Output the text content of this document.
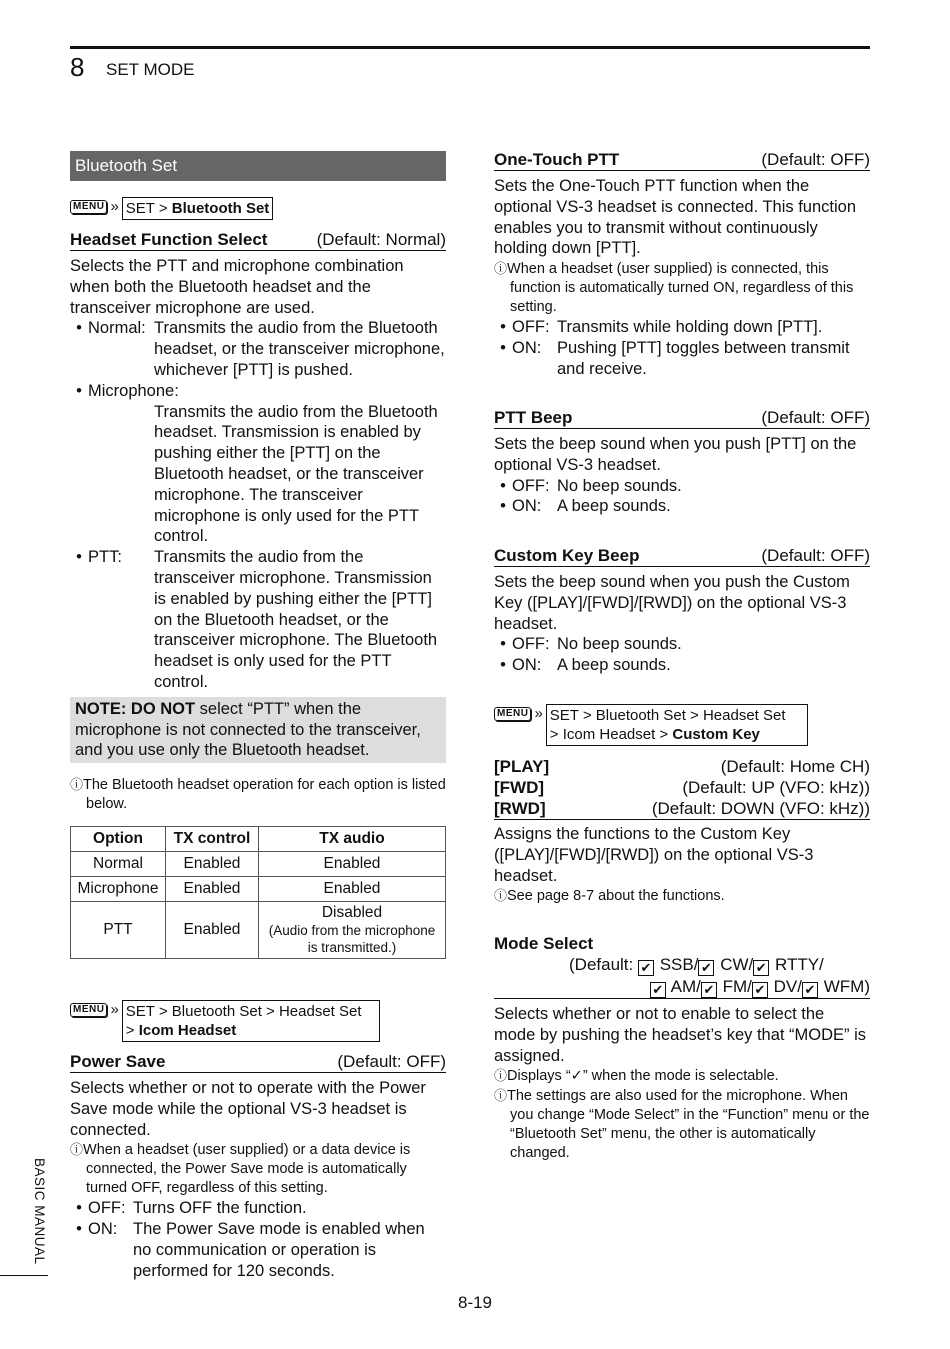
8 SET MODE
Bluetooth Set
MENU » SET > Bluetooth Set
Headset Function Select	(Default: Normal)

Selects the PTT and microphone combination when both the Bluetooth headset and the transceiver microphone are used.

• Normal: Transmits the audio from the Bluetooth headset, or the transceiver microphone, whichever [PTT] is pushed.
• Microphone:
Transmits the audio from the Bluetooth headset. Transmission is enabled by pushing either the [PTT] on the Bluetooth headset, or the transceiver microphone. The transceiver microphone is only used for the PTT control.
• PTT:	Transmits the audio from the transceiver microphone. Transmission is enabled by pushing either the [PTT] on the Bluetooth headset, or the transceiver microphone. The Bluetooth headset is only used for the PTT control.
NOTE: DO NOT select “PTT” when the microphone is not connected to the transceiver, and you use only the Bluetooth headset.
ⓘThe Bluetooth headset operation for each option is listed below.
Option	TX control	TX audio
Normal	Enabled	Enabled
Microphone	Enabled	Enabled
PTT	Enabled	Disabled
(Audio from the microphone is transmitted.)
MENU » SET > Bluetooth Set > Headset Set
> Icom Headset
Power Save	(Default: OFF)

Selects whether or not to operate with the Power Save mode while the optional VS-3 headset is connected.

ⓘWhen a headset (user supplied) or a data device is connected, the Power Save mode is automatically turned OFF, regardless of this setting.
• OFF: Turns OFF the function.
• ON: The Power Save mode is enabled when no communication or operation is performed for 120 seconds.
One-Touch PTT	(Default: OFF)

Sets the One-Touch PTT function when the optional VS-3 headset is connected. This function enables you to transmit without continuously holding down [PTT].

ⓘWhen a headset (user supplied) is connected, this function is automatically turned ON, regardless of this setting.
• OFF: Transmits while holding down [PTT].
• ON: Pushing [PTT] toggles between transmit and receive.
PTT Beep	(Default: OFF)

Sets the beep sound when you push [PTT] on the optional VS-3 headset.

• OFF: No beep sounds.
• ON: A beep sounds.
Custom Key Beep	(Default: OFF)

Sets the beep sound when you push the Custom Key ([PLAY]/[FWD]/[RWD]) on the optional VS-3 headset.

• OFF: No beep sounds.
• ON: A beep sounds.
MENU » SET > Bluetooth Set > Headset Set
> Icom Headset > Custom Key
[PLAY]	(Default: Home CH)
[FWD]	(Default: UP (VFO: kHz))
[RWD]	(Default: DOWN (VFO: kHz))

Assigns the functions to the Custom Key ([PLAY]/[FWD]/[RWD]) on the optional VS-3 headset.

ⓘSee page 8-7 about the functions.
Mode Select
(Default: ✔ SSB/ ✔ CW/ ✔ RTTY/
✔ AM/ ✔ FM/ ✔ DV/ ✔ WFM)

Selects whether or not to enable to select the mode by pushing the headset’s key that “MODE” is assigned.

ⓘDisplays “✓” when the mode is selectable.
ⓘThe settings are also used for the microphone. When you change “Mode Select” in the “Function” menu or the “Bluetooth Set” menu, the other is automatically changed.
BASIC MANUAL
8-19
